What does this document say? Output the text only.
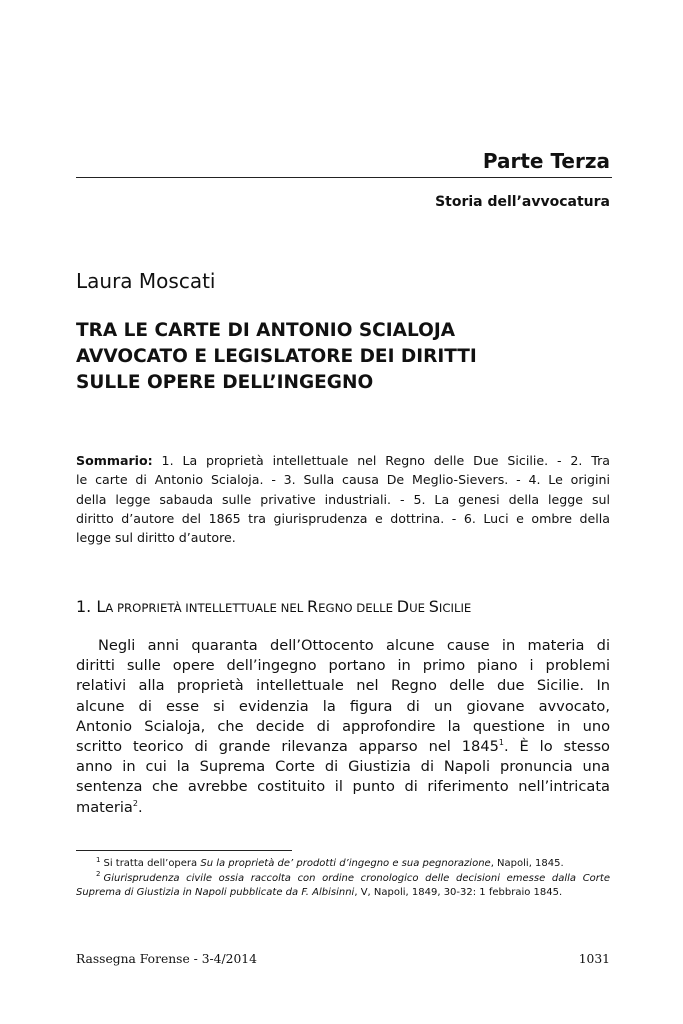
Parte Terza
Storia dell’avvocatura
Laura Moscati
TRA LE CARTE DI ANTONIO SCIALOJA
AVVOCATO E LEGISLATORE DEI DIRITTI
SULLE OPERE DELL’INGEGNO
Sommario: 1. La proprietà intellettuale nel Regno delle Due Sicilie. - 2. Tra
le carte di Antonio Scialoja. - 3. Sulla causa De Meglio-Sievers. - 4. Le origini
della legge sabauda sulle privative industriali. - 5. La genesi della legge sul
diritto d’autore del 1865 tra giurisprudenza e dottrina. - 6. Luci e ombre della
legge sul diritto d’autore.
1. LA PROPRIETÀ INTELLETTUALE NEL REGNO DELLE DUE SICILIE
Negli anni quaranta dell’Ottocento alcune cause in materia di
diritti sulle opere dell’ingegno portano in primo piano i problemi
relativi alla proprietà intellettuale nel Regno delle due Sicilie. In
alcune di esse si evidenzia la figura di un giovane avvocato,
Antonio Scialoja, che decide di approfondire la questione in uno
scritto teorico di grande rilevanza apparso nel 1845$^1$. È lo stesso
anno in cui la Suprema Corte di Giustizia di Napoli pronuncia una
sentenza che avrebbe costituito il punto di riferimento nell’intricata
materia$^2$.
$^1$ Si tratta dell’opera Su la proprietà de’ prodotti d’ingegno e sua pegnorazione, Napoli, 1845.
$^2$ Giurisprudenza civile ossia raccolta con ordine cronologico delle decisioni emesse dalla Corte
Suprema di Giustizia in Napoli pubblicate da F. Albisinni, V, Napoli, 1849, 30-32: 1 febbraio 1845.
Rassegna Forense - 3-4/2014	1031
